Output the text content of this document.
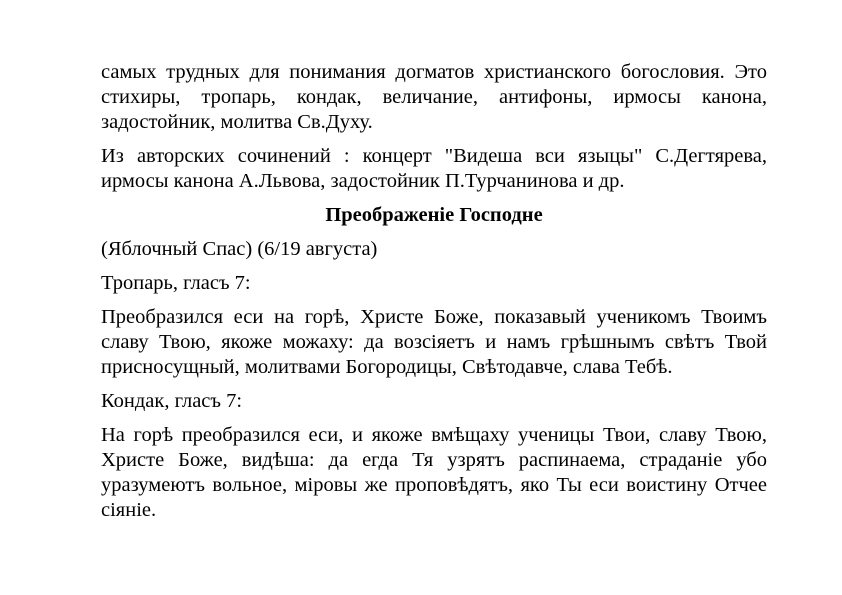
самых трудных для понимания догматов христианского богословия. Это стихиры, тропарь, кондак, величание, антифоны, ирмосы канона, задостойник, молитва Св.Духу.

Из авторских сочинений : концерт "Видеша вси языцы" С.Дегтярева, ирмосы канона А.Львова, задостойник П.Турчанинова и др.

Преображеніе Господне

(Яблочный Спас) (6/19 августа)

Тропарь, гласъ 7:

Преобразился еси на горѣ, Христе Боже, показавый ученикомъ Твоимъ славу Твою, якоже можаху: да возсіяетъ и намъ грѣшнымъ свѣтъ Твой присносущный, молитвами Богородицы, Свѣтодавче, слава Тебѣ.

Кондак, гласъ 7:

На горѣ преобразился еси, и якоже вмѣщаху ученицы Твои, славу Твою, Христе Боже, видѣша: да егда Тя узрятъ распинаема, страданіе убо уразумеютъ вольное, міровы же проповѣдятъ, яко Ты еси воистину Отчее сіяніе.
